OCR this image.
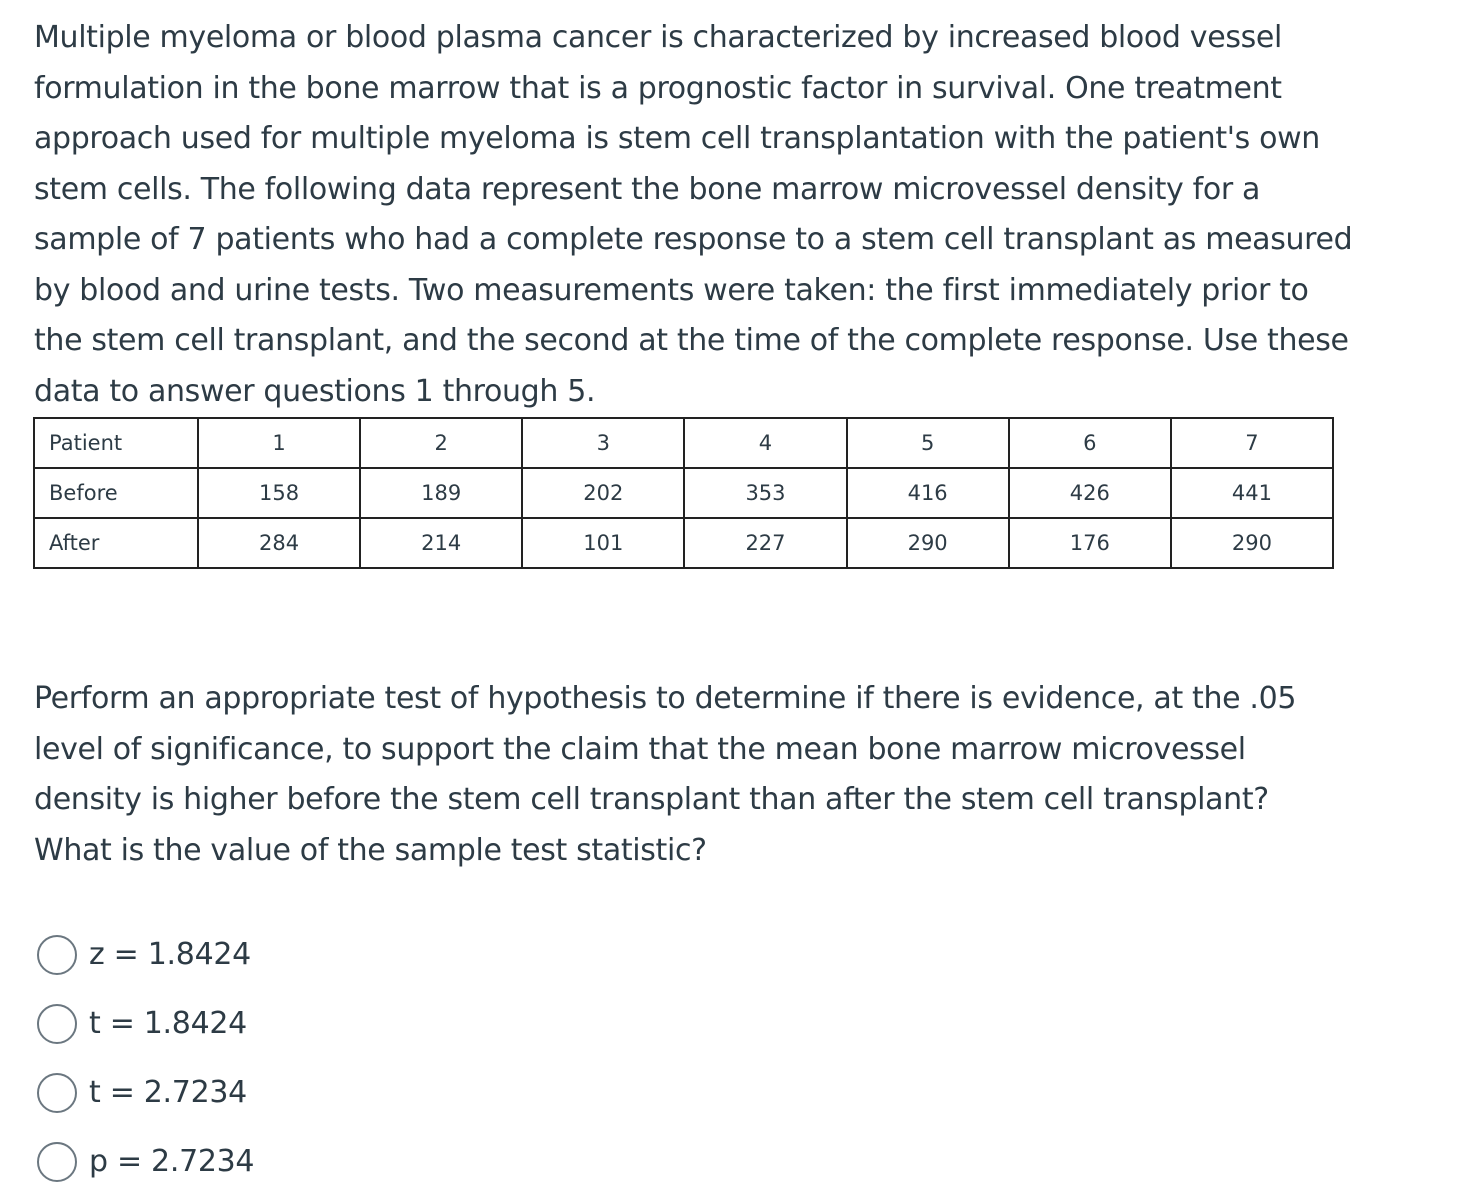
Multiple myeloma or blood plasma cancer is characterized by increased blood vessel formulation in the bone marrow that is a prognostic factor in survival. One treatment approach used for multiple myeloma is stem cell transplantation with the patient's own stem cells. The following data represent the bone marrow microvessel density for a sample of 7 patients who had a complete response to a stem cell transplant as measured by blood and urine tests. Two measurements were taken: the first immediately prior to the stem cell transplant, and the second at the time of the complete response. Use these data to answer questions 1 through 5.

Patient	1	2	3	4	5	6	7
Before	158	189	202	353	416	426	441
After	284	214	101	227	290	176	290

Perform an appropriate test of hypothesis to determine if there is evidence, at the .05 level of significance, to support the claim that the mean bone marrow microvessel density is higher before the stem cell transplant than after the stem cell transplant? What is the value of the sample test statistic?

z = 1.8424
t = 1.8424
t = 2.7234
p = 2.7234
